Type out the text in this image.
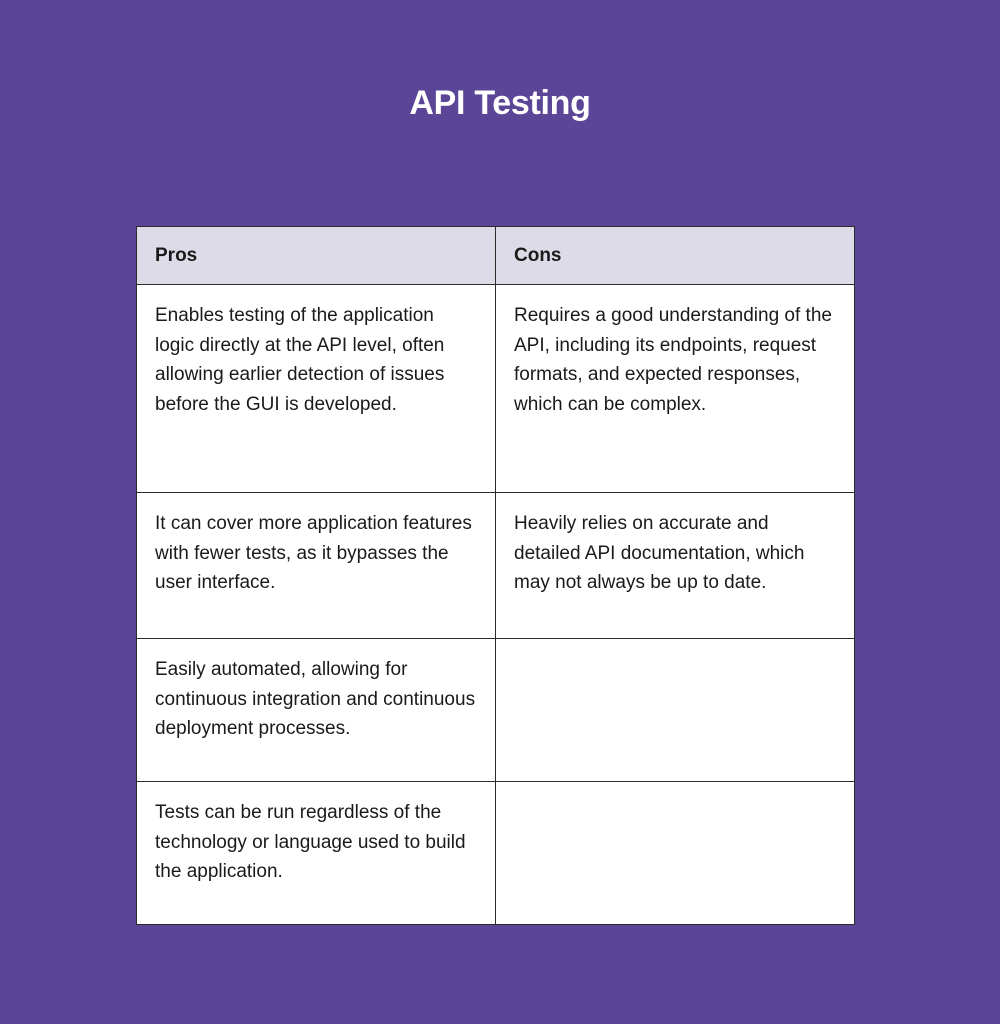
API Testing
Pros	Cons
Enables testing of the application logic directly at the API level, often allowing earlier detection of issues before the GUI is developed.	Requires a good understanding of the API, including its endpoints, request formats, and expected responses, which can be complex.
It can cover more application features with fewer tests, as it bypasses the user interface.	Heavily relies on accurate and detailed API documentation, which may not always be up to date.
Easily automated, allowing for continuous integration and continuous deployment processes.	
Tests can be run regardless of the technology or language used to build the application.	
